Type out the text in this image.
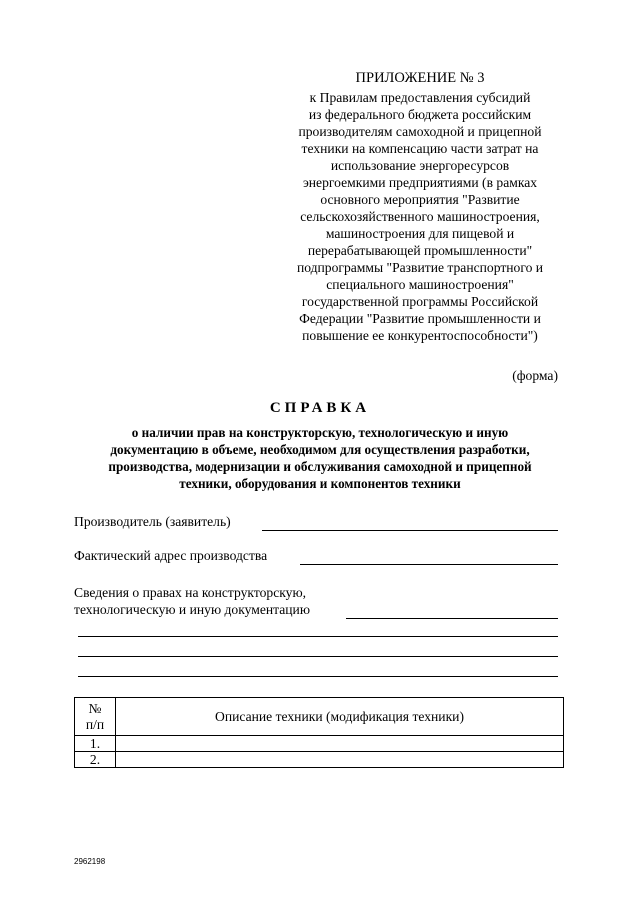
ПРИЛОЖЕНИЕ № 3
к Правилам предоставления субсидий
из федерального бюджета российским
производителям самоходной и прицепной
техники на компенсацию части затрат на
использование энергоресурсов
энергоемкими предприятиями (в рамках
основного мероприятия "Развитие
сельскохозяйственного машиностроения,
машиностроения для пищевой и
перерабатывающей промышленности"
подпрограммы "Развитие транспортного и
специального машиностроения"
государственной программы Российской
Федерации "Развитие промышленности и
повышение ее конкурентоспособности")
(форма)
СПРАВКА
о наличии прав на конструкторскую, технологическую и иную
документацию в объеме, необходимом для осуществления разработки,
производства, модернизации и обслуживания самоходной и прицепной
техники, оборудования и компонентов техники
Производитель (заявитель)
Фактический адрес производства
Сведения о правах на конструкторскую,
технологическую и иную документацию
№
п/п	Описание техники (модификация техники)
1.	
2.	
2962198
